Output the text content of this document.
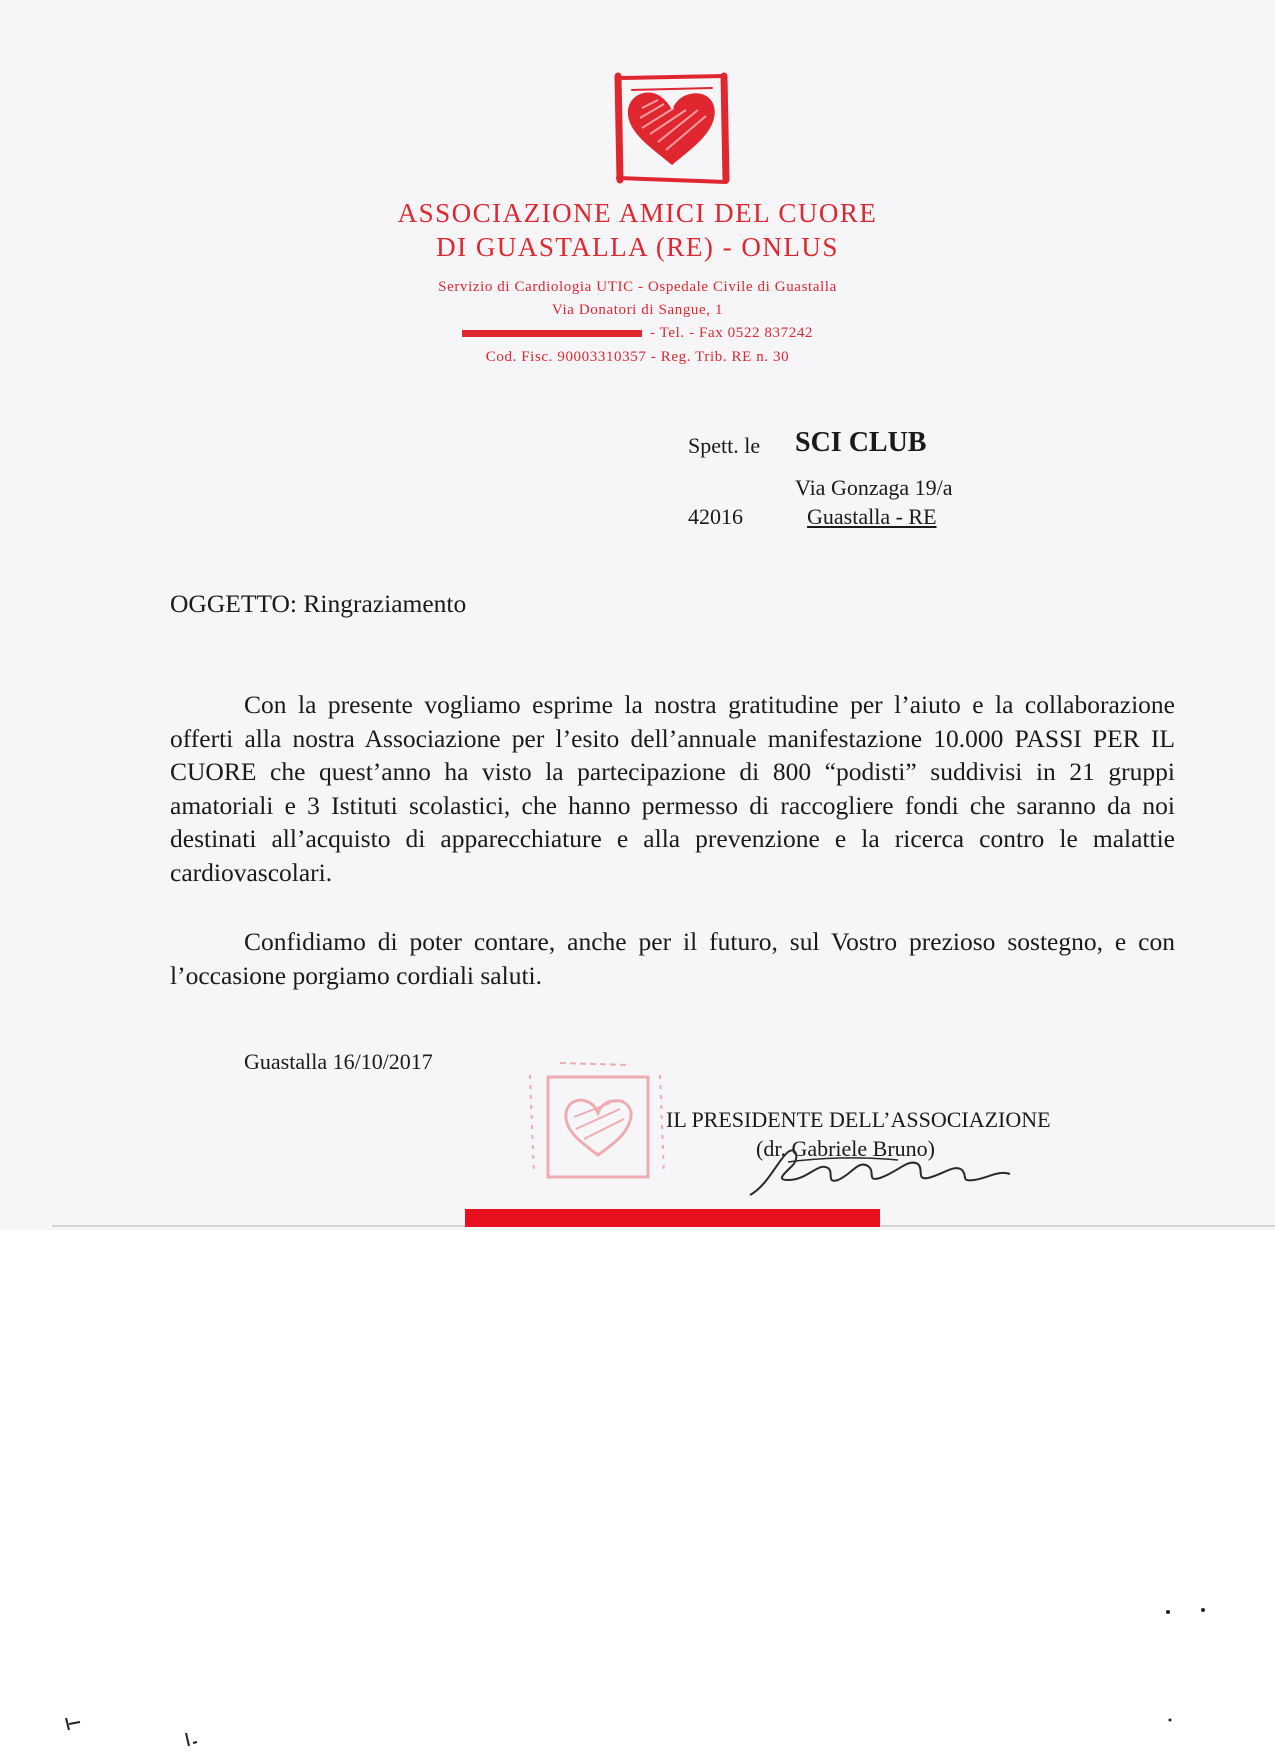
ASSOCIAZIONE AMICI DEL CUORE
DI GUASTALLA (RE) - ONLUS
Servizio di Cardiologia UTIC - Ospedale Civile di Guastalla
Via Donatori di Sangue, 1
- Tel. - Fax 0522 837242
Cod. Fisc. 90003310357 - Reg. Trib. RE n. 30
Spett. le SCI CLUB
Via Gonzaga 19/a
42016	Guastalla - RE
OGGETTO: Ringraziamento
Con la presente vogliamo esprime la nostra gratitudine per l’aiuto e la collaborazione offerti alla nostra Associazione per l’esito dell’annuale manifestazione 10.000 PASSI PER IL CUORE che quest’anno ha visto la partecipazione di 800 “podisti” suddivisi in 21 gruppi amatoriali e 3 Istituti scolastici, che hanno permesso di raccogliere fondi che saranno da noi destinati all’acquisto di apparecchiature e alla prevenzione e la ricerca contro le malattie cardiovascolari.
Confidiamo di poter contare, anche per il futuro, sul Vostro prezioso sostegno, e con l’occasione porgiamo cordiali saluti.
Guastalla 16/10/2017
IL PRESIDENTE DELL’ASSOCIAZIONE
(dr. Gabriele Bruno)
